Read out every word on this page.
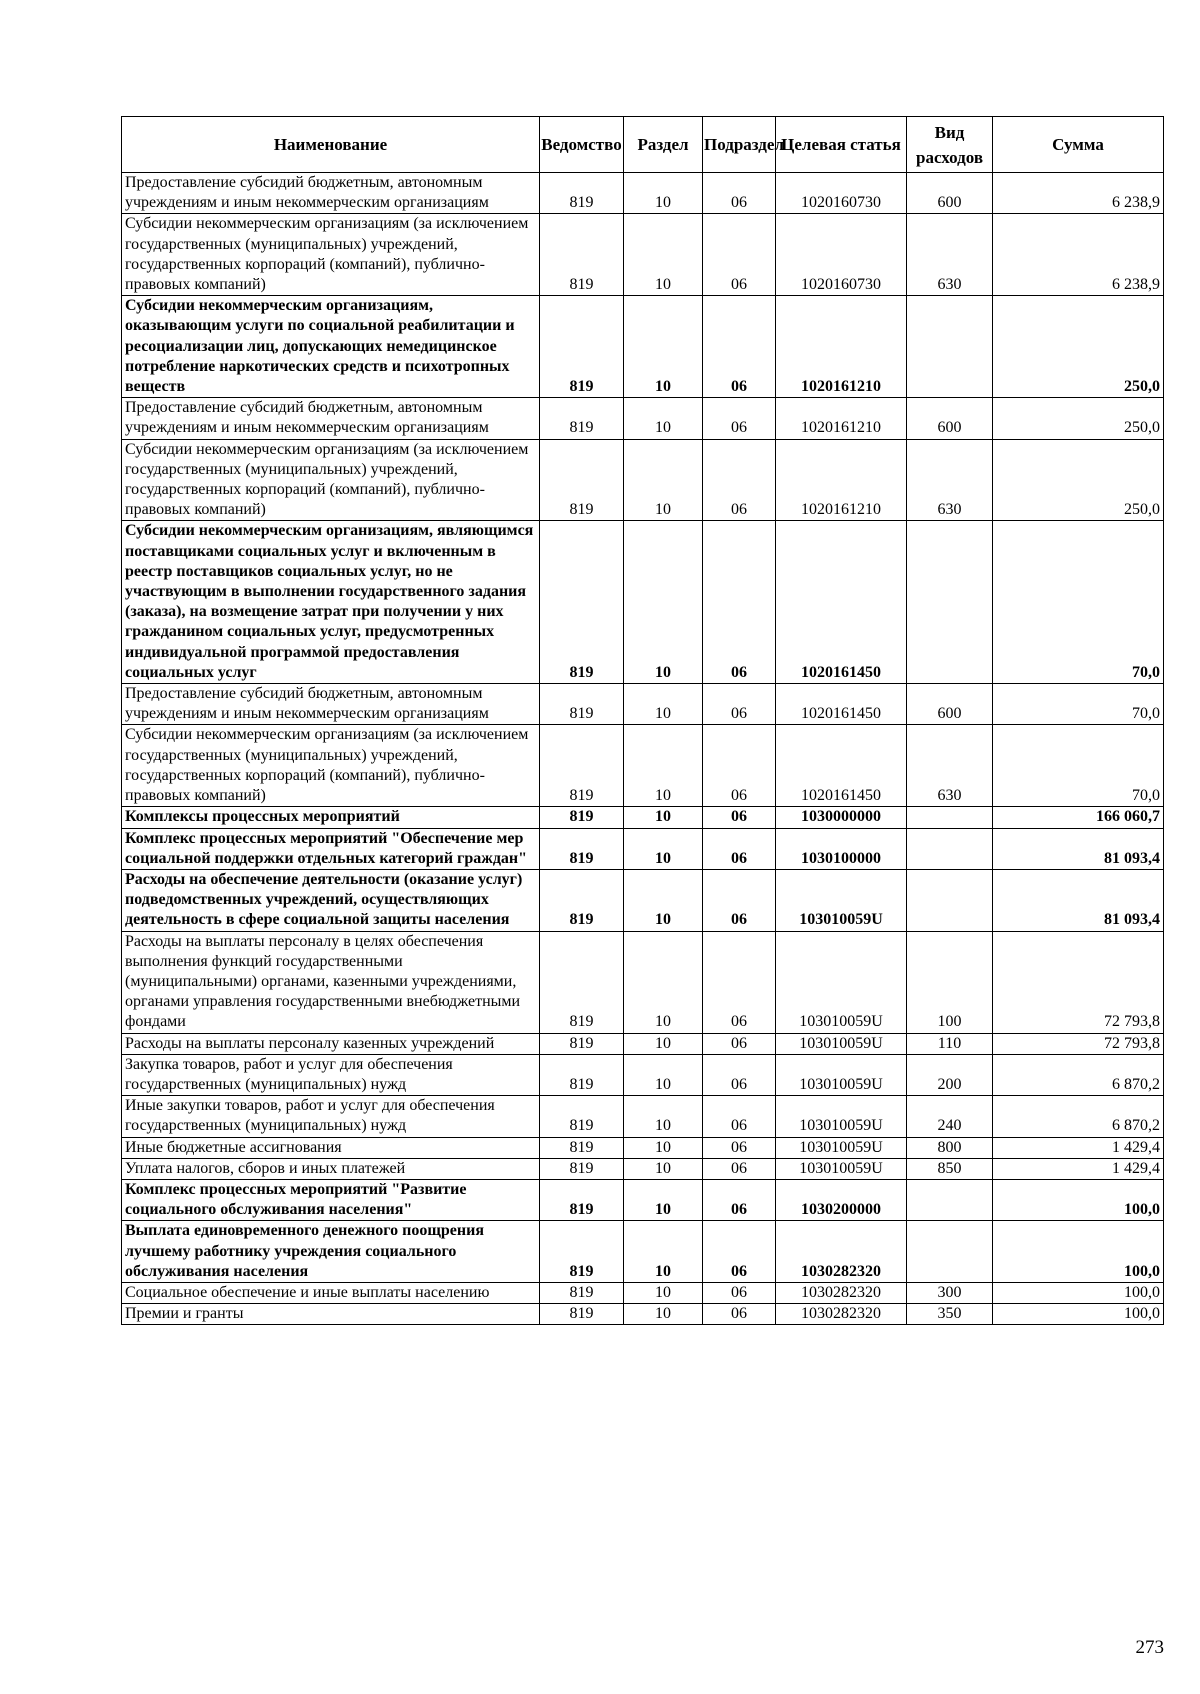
Наименование	Ведомство	Раздел	Подраздел	Целевая статья	Вид расходов	Сумма
Предоставление субсидий бюджетным, автономным учреждениям и иным некоммерческим организациям	819	10	06	1020160730	600	6 238,9
Субсидии некоммерческим организациям (за исключением государственных (муниципальных) учреждений, государственных корпораций (компаний), публично-правовых компаний)	819	10	06	1020160730	630	6 238,9
Субсидии некоммерческим организациям, оказывающим услуги по социальной реабилитации и ресоциализации лиц, допускающих немедицинское потребление наркотических средств и психотропных веществ	819	10	06	1020161210		250,0
Предоставление субсидий бюджетным, автономным учреждениям и иным некоммерческим организациям	819	10	06	1020161210	600	250,0
Субсидии некоммерческим организациям (за исключением государственных (муниципальных) учреждений, государственных корпораций (компаний), публично-правовых компаний)	819	10	06	1020161210	630	250,0
Субсидии некоммерческим организациям, являющимся поставщиками социальных услуг и включенным в реестр поставщиков социальных услуг, но не участвующим в выполнении государственного задания (заказа), на возмещение затрат при получении у них гражданином социальных услуг, предусмотренных индивидуальной программой предоставления социальных услуг	819	10	06	1020161450		70,0
Предоставление субсидий бюджетным, автономным учреждениям и иным некоммерческим организациям	819	10	06	1020161450	600	70,0
Субсидии некоммерческим организациям (за исключением государственных (муниципальных) учреждений, государственных корпораций (компаний), публично-правовых компаний)	819	10	06	1020161450	630	70,0
Комплексы процессных мероприятий	819	10	06	1030000000		166 060,7
Комплекс процессных мероприятий "Обеспечение мер социальной поддержки отдельных категорий граждан"	819	10	06	1030100000		81 093,4
Расходы на обеспечение деятельности (оказание услуг) подведомственных учреждений, осуществляющих деятельность в сфере социальной защиты населения	819	10	06	103010059U		81 093,4
Расходы на выплаты персоналу в целях обеспечения выполнения функций государственными (муниципальными) органами, казенными учреждениями, органами управления государственными внебюджетными фондами	819	10	06	103010059U	100	72 793,8
Расходы на выплаты персоналу казенных учреждений	819	10	06	103010059U	110	72 793,8
Закупка товаров, работ и услуг для обеспечения государственных (муниципальных) нужд	819	10	06	103010059U	200	6 870,2
Иные закупки товаров, работ и услуг для обеспечения государственных (муниципальных) нужд	819	10	06	103010059U	240	6 870,2
Иные бюджетные ассигнования	819	10	06	103010059U	800	1 429,4
Уплата налогов, сборов и иных платежей	819	10	06	103010059U	850	1 429,4
Комплекс процессных мероприятий "Развитие социального обслуживания населения"	819	10	06	1030200000		100,0
Выплата единовременного денежного поощрения лучшему работнику учреждения социального обслуживания населения	819	10	06	1030282320		100,0
Социальное обеспечение и иные выплаты населению	819	10	06	1030282320	300	100,0
Премии и гранты	819	10	06	1030282320	350	100,0
273
